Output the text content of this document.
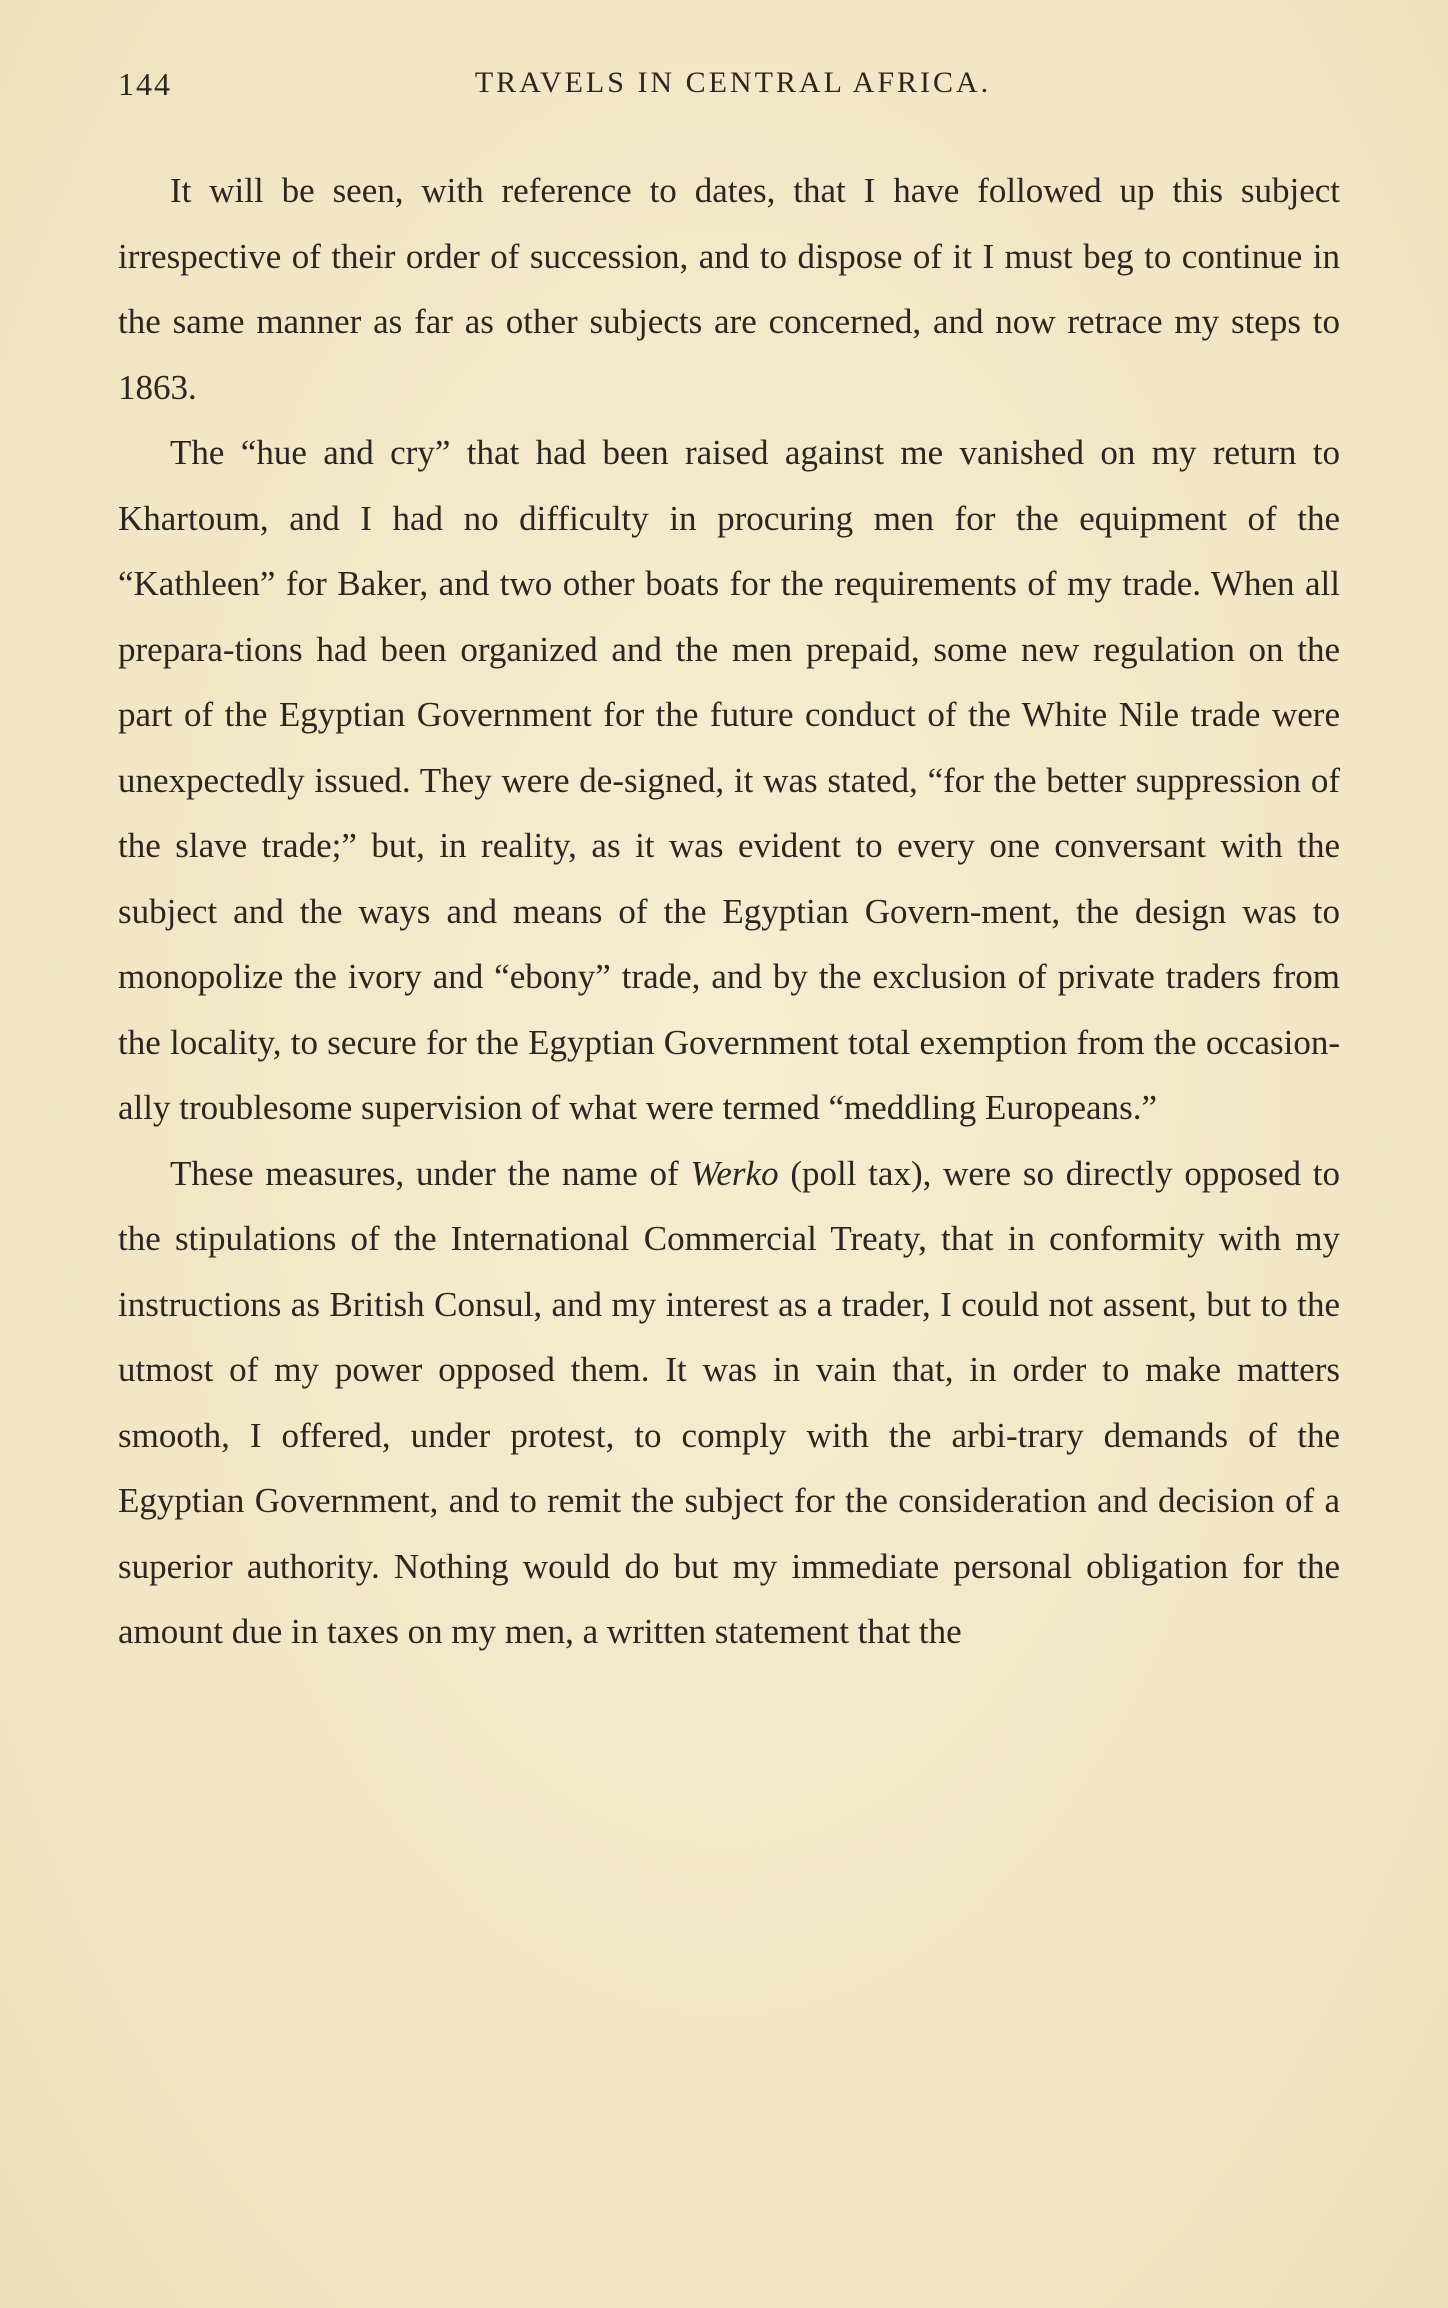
144	TRAVELS IN CENTRAL AFRICA.

It will be seen, with reference to dates, that I have followed up this subject irrespective of their order of succession, and to dispose of it I must beg to continue in the same manner as far as other subjects are concerned, and now retrace my steps to 1863.

The “hue and cry” that had been raised against me vanished on my return to Khartoum, and I had no difficulty in procuring men for the equipment of the “Kathleen” for Baker, and two other boats for the requirements of my trade. When all prepara-tions had been organized and the men prepaid, some new regulation on the part of the Egyptian Government for the future conduct of the White Nile trade were unexpectedly issued. They were de-signed, it was stated, “for the better suppression of the slave trade;” but, in reality, as it was evident to every one conversant with the subject and the ways and means of the Egyptian Govern-ment, the design was to monopolize the ivory and “ebony” trade, and by the exclusion of private traders from the locality, to secure for the Egyptian Government total exemption from the occasion-ally troublesome supervision of what were termed “meddling Europeans.”

These measures, under the name of Werko (poll tax), were so directly opposed to the stipulations of the International Commercial Treaty, that in conformity with my instructions as British Consul, and my interest as a trader, I could not assent, but to the utmost of my power opposed them. It was in vain that, in order to make matters smooth, I offered, under protest, to comply with the arbi-trary demands of the Egyptian Government, and to remit the subject for the consideration and decision of a superior authority. Nothing would do but my immediate personal obligation for the amount due in taxes on my men, a written statement that the
